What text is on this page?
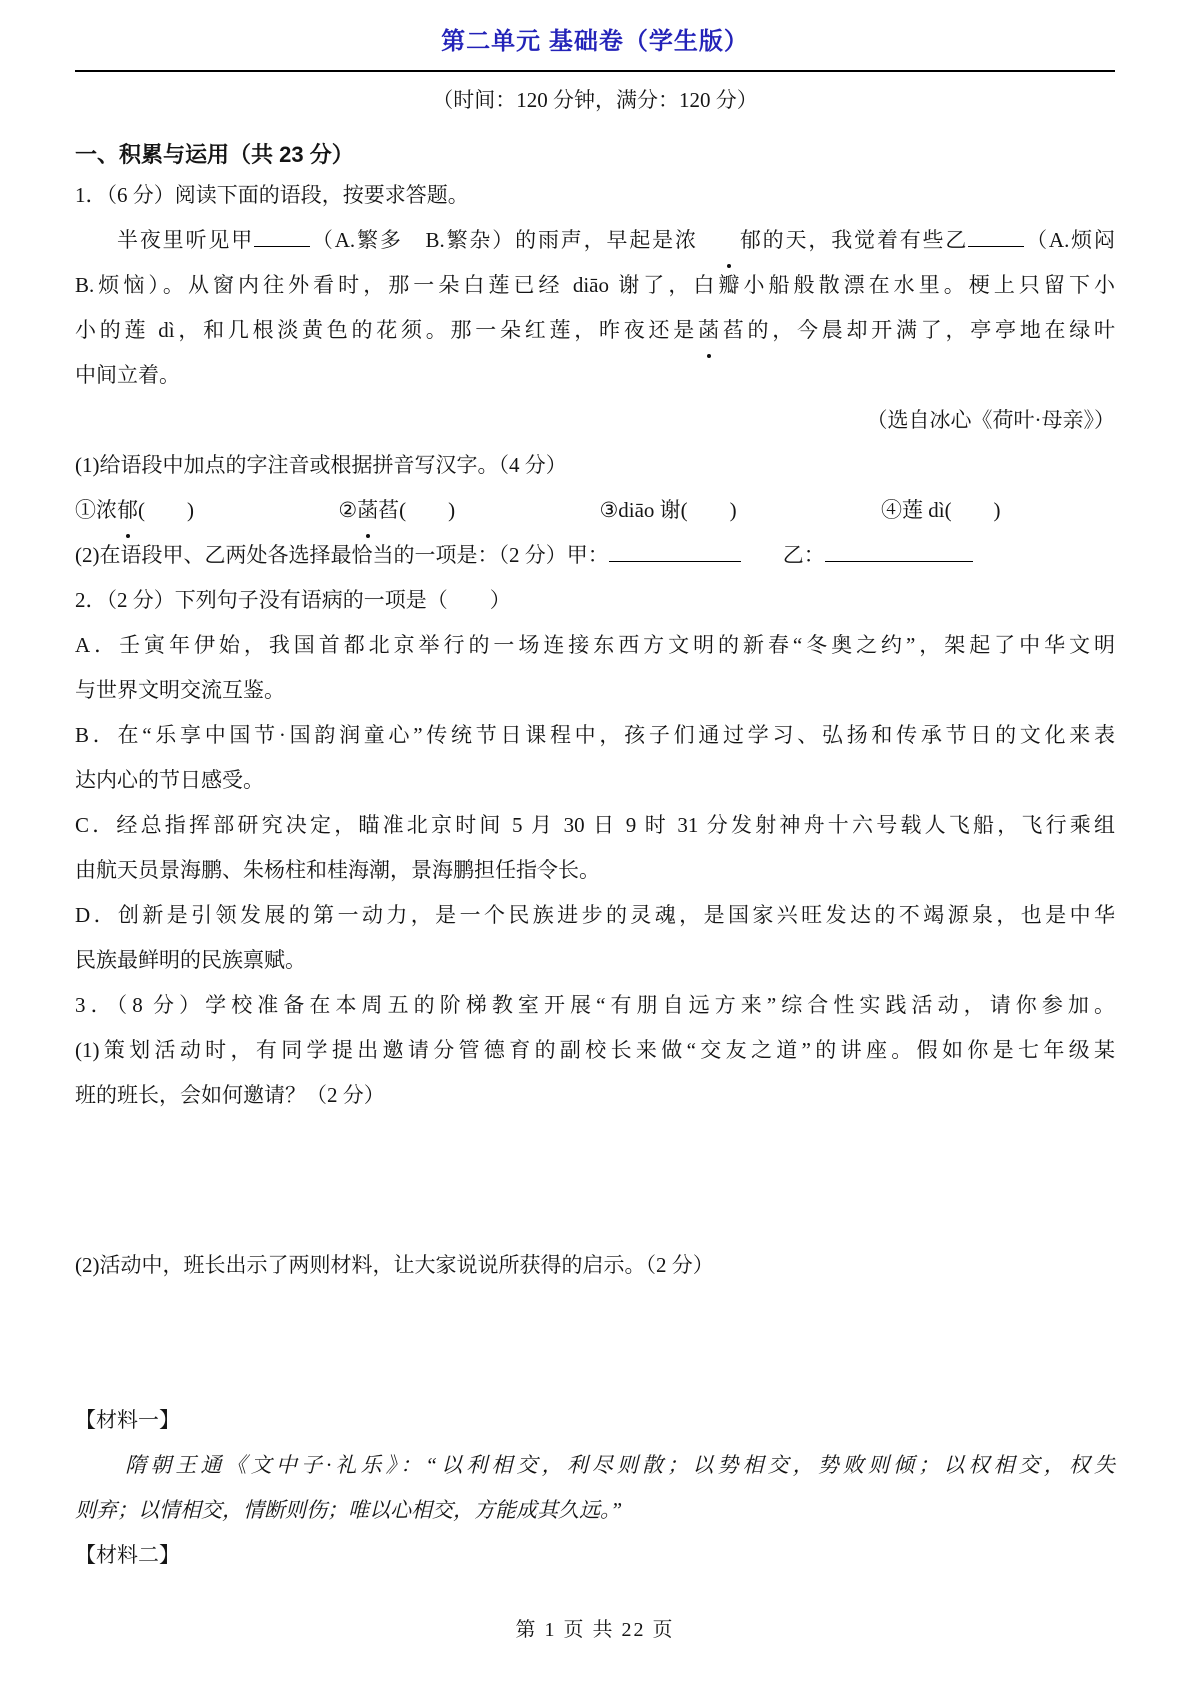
第二单元 基础卷（学生版）
（时间：120 分钟，满分：120 分）
一、积累与运用（共 23 分）
1．（6 分）阅读下面的语段，按要求答题。
半夜里听见甲	（A.繁多　B.繁杂）的雨声，早起是浓 郁的天，我觉着有些乙	（A.烦闷
B.烦恼）。从窗内往外看时，那一朵白莲已经 diāo 谢了，白瓣小船般散漂在水里。梗上只留下小
小的莲 dì，和几根淡黄色的花须。那一朵红莲，昨夜还是菡萏的，今晨却开满了，亭亭地在绿叶
中间立着。
（选自冰心《荷叶·母亲》）
(1)给语段中加点的字注音或根据拼音写汉字。（4 分）
①浓郁(　　)	②菡萏(　　)	③diāo 谢(　　)	④莲 dì(　　)
(2)在语段甲、乙两处各选择最恰当的一项是：（2 分）甲：	　　乙：
2．（2 分）下列句子没有语病的一项是（　　）
A．壬寅年伊始，我国首都北京举行的一场连接东西方文明的新春“冬奥之约”，架起了中华文明
与世界文明交流互鉴。
B．在“乐享中国节·国韵润童心”传统节日课程中，孩子们通过学习、弘扬和传承节日的文化来表
达内心的节日感受。
C．经总指挥部研究决定，瞄准北京时间 5 月 30 日 9 时 31 分发射神舟十六号载人飞船，飞行乘组
由航天员景海鹏、朱杨柱和桂海潮，景海鹏担任指令长。
D．创新是引领发展的第一动力，是一个民族进步的灵魂，是国家兴旺发达的不竭源泉，也是中华
民族最鲜明的民族禀赋。
3．（8 分）学校准备在本周五的阶梯教室开展“有朋自远方来”综合性实践活动，请你参加。
(1)策划活动时，有同学提出邀请分管德育的副校长来做“交友之道”的讲座。假如你是七年级某
班的班长，会如何邀请？（2 分）
(2)活动中，班长出示了两则材料，让大家说说所获得的启示。（2 分）
【材料一】
　　隋朝王通《文中子·礼乐》：“以利相交，利尽则散；以势相交，势败则倾；以权相交，权失
则弃；以情相交，情断则伤；唯以心相交，方能成其久远。”
【材料二】
第 1 页 共 22 页
